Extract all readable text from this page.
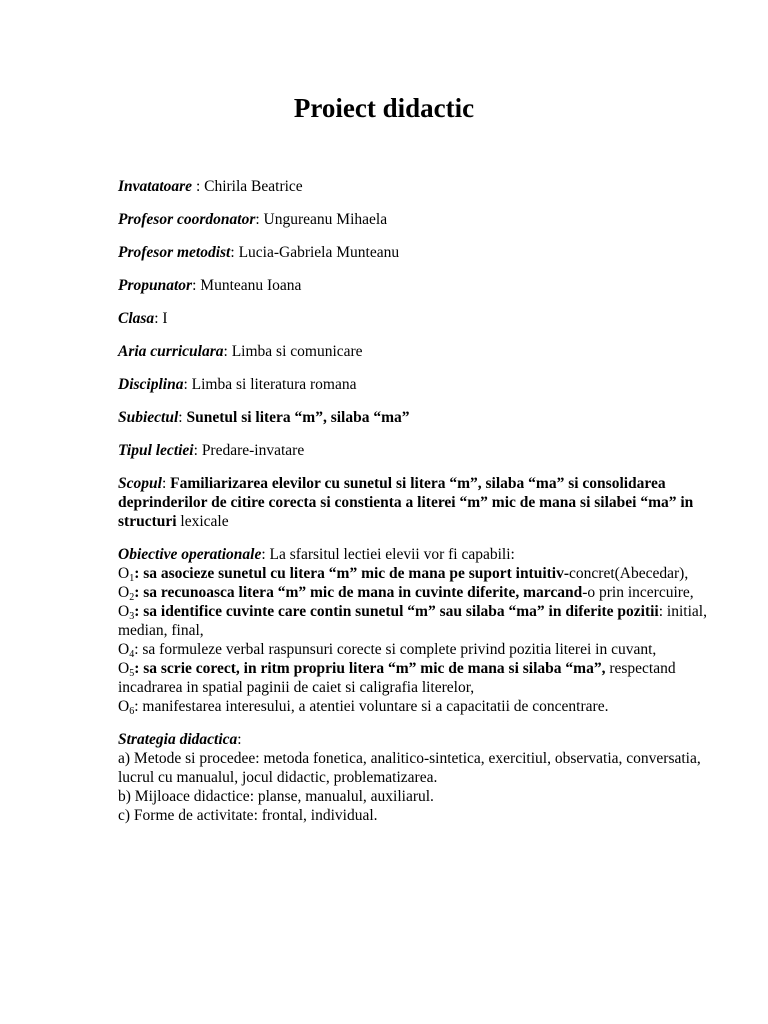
Proiect didactic
Invatatoare : Chirila Beatrice
Profesor coordonator: Ungureanu Mihaela
Profesor metodist: Lucia-Gabriela Munteanu
Propunator: Munteanu Ioana
Clasa: I
Aria curriculara: Limba si comunicare
Disciplina: Limba si literatura romana
Subiectul: Sunetul si litera “m”, silaba “ma”
Tipul lectiei: Predare-invatare
Scopul: Familiarizarea elevilor cu sunetul si litera “m”, silaba “ma” si consolidarea deprinderilor de citire corecta si constienta a literei “m” mic de mana si silabei “ma” in structuri lexicale
Obiective operationale: La sfarsitul lectiei elevii vor fi capabili:
$O_1$: sa asocieze sunetul cu litera “m” mic de mana pe suport intuitiv-concret(Abecedar),
$O_2$: sa recunoasca litera “m” mic de mana in cuvinte diferite, marcand-o prin incercuire,
$O_3$: sa identifice cuvinte care contin sunetul “m” sau silaba “ma” in diferite pozitii: initial, median, final,
$O_4$: sa formuleze verbal raspunsuri corecte si complete privind pozitia literei in cuvant,
$O_5$: sa scrie corect, in ritm propriu litera “m” mic de mana si silaba “ma”, respectand incadrarea in spatial paginii de caiet si caligrafia literelor,
$O_6$: manifestarea interesului, a atentiei voluntare si a capacitatii de concentrare.
Strategia didactica:
a) Metode si procedee: metoda fonetica, analitico-sintetica, exercitiul, observatia, conversatia, lucrul cu manualul, jocul didactic, problematizarea.
b) Mijloace didactice: planse, manualul, auxiliarul.
c) Forme de activitate: frontal, individual.
